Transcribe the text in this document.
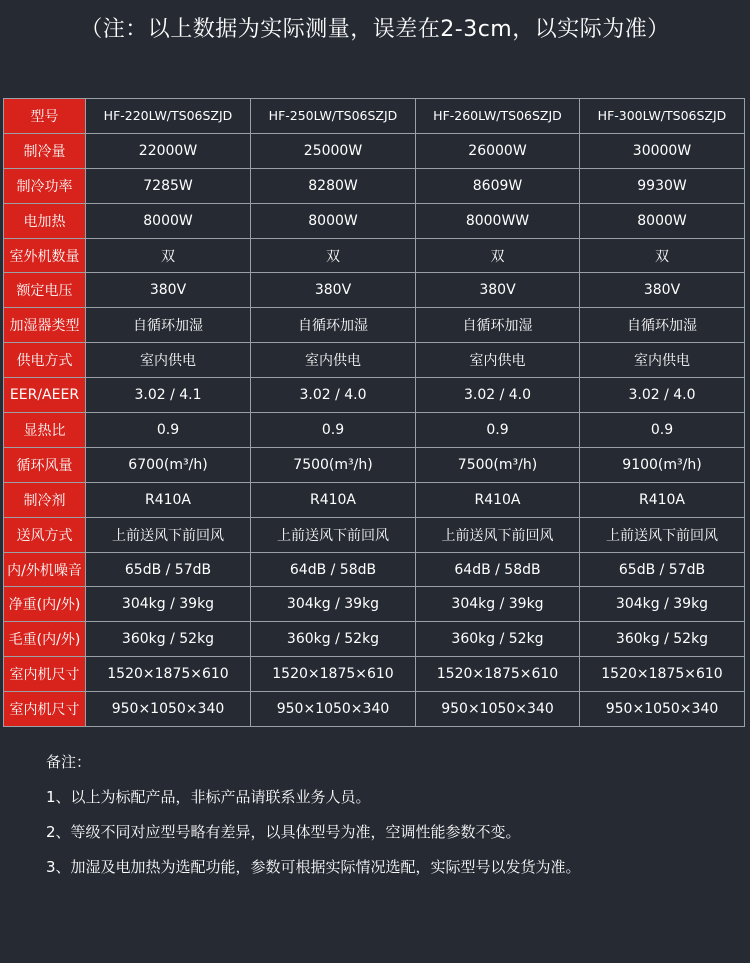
（注：以上数据为实际测量，误差在2-3cm，以实际为准）
型号	HF-220LW/TS06SZJD	HF-250LW/TS06SZJD	HF-260LW/TS06SZJD	HF-300LW/TS06SZJD
制冷量	22000W	25000W	26000W	30000W
制冷功率	7285W	8280W	8609W	9930W
电加热	8000W	8000W	8000WW	8000W
室外机数量	双	双	双	双
额定电压	380V	380V	380V	380V
加湿器类型	自循环加湿	自循环加湿	自循环加湿	自循环加湿
供电方式	室内供电	室内供电	室内供电	室内供电
EER/AEER	3.02 / 4.1	3.02 / 4.0	3.02 / 4.0	3.02 / 4.0
显热比	0.9	0.9	0.9	0.9
循环风量	6700(m³/h)	7500(m³/h)	7500(m³/h)	9100(m³/h)
制冷剂	R410A	R410A	R410A	R410A
送风方式	上前送风下前回风	上前送风下前回风	上前送风下前回风	上前送风下前回风
内/外机噪音	65dB / 57dB	64dB / 58dB	64dB / 58dB	65dB / 57dB
净重(内/外)	304kg / 39kg	304kg / 39kg	304kg / 39kg	304kg / 39kg
毛重(内/外)	360kg / 52kg	360kg / 52kg	360kg / 52kg	360kg / 52kg
室内机尺寸	1520×1875×610	1520×1875×610	1520×1875×610	1520×1875×610
室内机尺寸	950×1050×340	950×1050×340	950×1050×340	950×1050×340
备注：
1、以上为标配产品，非标产品请联系业务人员。
2、等级不同对应型号略有差异，以具体型号为准，空调性能参数不变。
3、加湿及电加热为选配功能，参数可根据实际情况选配，实际型号以发货为准。
